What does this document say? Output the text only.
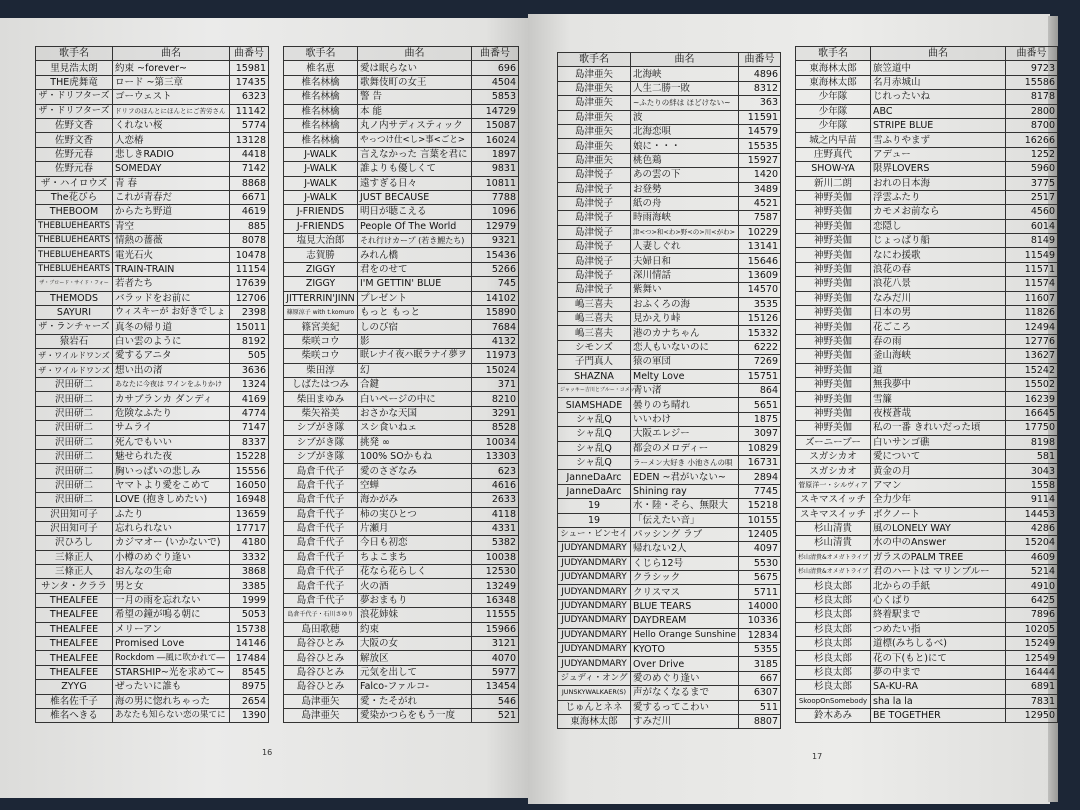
歌手名	曲名	曲番号
里見浩太朗	約束 ~forever~	15981
THE虎舞竜	ロード ~第三章	17435
ザ・ドリフターズ	ゴーウェスト	6323
ザ・ドリフターズ	ドリフのほんとにほんとにご苦労さん	11142
佐野文香	くれない桜	5774
佐野文香	人恋椿	13128
佐野元春	悲しきRADIO	4418
佐野元春	SOMEDAY	7142
ザ・ハイロウズ	青 春	8868
The花びら	これが青春だ	6671
THEBOOM	からたち野道	4619
THEBLUEHEARTS	青空	885
THEBLUEHEARTS	情熱の薔薇	8078
THEBLUEHEARTS	電光石火	10478
THEBLUEHEARTS	TRAIN-TRAIN	11154
ザ・ブロード・サイド・フォー	若者たち	17639
THEMODS	バラッドをお前に	12706
SAYURI	ウィスキーが お好きでしょ	2398
ザ・ランチャーズ	真冬の帰り道	15011
猿岩石	白い雲のように	8192
ザ・ワイルドワンズ	愛するアニタ	505
ザ・ワイルドワンズ	想い出の渚	3636
沢田研二	あなたに今夜は ワインをふりかけ	1324
沢田研二	カサブランカ ダンディ	4169
沢田研二	危険なふたり	4774
沢田研二	サムライ	7147
沢田研二	死んでもいい	8337
沢田研二	魅せられた夜	15228
沢田研二	胸いっぱいの悲しみ	15556
沢田研二	ヤマトより愛をこめて	16050
沢田研二	LOVE (抱きしめたい)	16948
沢田知可子	ふたり	13659
沢田知可子	忘れられない	17717
沢ひろし	カジマオー (いかないで)	4180
三條正人	小樽のめぐり逢い	3332
三條正人	おんなの生命	3868
サンタ・クララ	男と女	3385
THEALFEE	一月の雨を忘れない	1999
THEALFEE	希望の鐘が鳴る朝に	5053
THEALFEE	メリーアン	15738
THEALFEE	Promised Love	14146
THEALFEE	Rockdom ―風に吹かれて―	17484
THEALFEE	STARSHIP~光を求めて~	8545
ZYYG	ぜったいに誰も	8975
椎名佐千子	海の男に惚れちゃった	2654
椎名へきる	あなたも知らない恋の果てに	1390
歌手名	曲名	曲番号
椎名恵	愛は眠らない	696
椎名林檎	歌舞伎町の女王	4504
椎名林檎	警 告	5853
椎名林檎	本 能	14729
椎名林檎	丸ノ内サディスティック	15087
椎名林檎	やっつけ仕<し>事<ごと>	16024
J-WALK	言えなかった 言葉を君に	1897
J-WALK	誰よりも優しくて	9831
J-WALK	遠すぎる日々	10811
J-WALK	JUST BECAUSE	7788
J-FRIENDS	明日が聴こえる	1096
J-FRIENDS	People Of The World	12979
塩見大治郎	それ行けカープ (若き鯉たち)	9321
志賀勝	みれん橋	15436
ZIGGY	君をのせて	5266
ZIGGY	I'M GETTIN' BLUE	745
JITTERRIN'JINN	プレゼント	14102
篠原涼子 with t.komuro	もっと もっと	15890
篠宮美紀	しのび宿	7684
柴咲コウ	影	4132
柴咲コウ	眠レナイ夜ハ眠ラナイ夢ヲ	11973
柴田淳	幻	15024
しばたはつみ	合鍵	371
柴田まゆみ	白いページの中に	8210
柴矢裕美	おさかな天国	3291
シブがき隊	スシ食いねェ	8528
シブがき隊	挑発 ∞	10034
シブがき隊	100% SOかもね	13303
島倉千代子	愛のさざなみ	623
島倉千代子	空蝉	4616
島倉千代子	海かがみ	2633
島倉千代子	柿の実ひとつ	4118
島倉千代子	片瀬月	4331
島倉千代子	今日も初恋	5382
島倉千代子	ちよこまち	10038
島倉千代子	花なら花らしく	12530
島倉千代子	火の酒	13249
島倉千代子	夢おまもり	16348
島倉千代子・石川さゆり	浪花姉妹	11555
島田歌穂	約束	15966
島谷ひとみ	大阪の女	3121
島谷ひとみ	解放区	4070
島谷ひとみ	元気を出して	5977
島谷ひとみ	Falco-ファルコ-	13454
島津亜矢	愛・たそがれ	546
島津亜矢	愛染かつらをもう一度	521
歌手名	曲名	曲番号
島津亜矢	北海峡	4896
島津亜矢	人生二勝一敗	8312
島津亜矢	~ふたりの絆は ほどけない~	363
島津亜矢	波	11591
島津亜矢	北海恋唄	14579
島津亜矢	娘に・・・	15535
島津亜矢	桃色鶏	15927
島津悦子	あの雲の下	1420
島津悦子	お登勢	3489
島津悦子	紙の舟	4521
島津悦子	時雨海峡	7587
島津悦子	津<つ>和<わ>野<の>川<がわ>	10229
島津悦子	人妻しぐれ	13141
島津悦子	夫婦日和	15646
島津悦子	深川情話	13609
島津悦子	紫舞い	14570
嶋三喜夫	おふくろの海	3535
嶋三喜夫	見かえり峠	15126
嶋三喜夫	港のカナちゃん	15332
シモンズ	恋人もいないのに	6222
子門真人	猿の軍団	7269
SHAZNA	Melty Love	15751
ジャッキー吉川とブルー・コメッツ	青い渚	864
SIAMSHADE	曇りのち晴れ	5651
シャ乱Q	いいわけ	1875
シャ乱Q	大阪エレジー	3097
シャ乱Q	都会のメロディー	10829
シャ乱Q	ラーメン大好き 小池さんの唄	16731
JanneDaArc	EDEN ~君がいない~	2894
JanneDaArc	Shining ray	7745
19	水・陸・そら、無限大	15218
19	「伝えたい音」	10155
シュー・ビンセイ	パッシング ラブ	12405
JUDYANDMARY	帰れない2人	4097
JUDYANDMARY	くじら12号	5530
JUDYANDMARY	クラシック	5675
JUDYANDMARY	クリスマス	5711
JUDYANDMARY	BLUE TEARS	14000
JUDYANDMARY	DAYDREAM	10336
JUDYANDMARY	Hello Orange Sunshine	12834
JUDYANDMARY	KYOTO	5355
JUDYANDMARY	Over Drive	3185
ジュディ・オング	愛のめぐり逢い	667
JUNSKYWALKAER(S)	声がなくなるまで	6307
じゅんとネネ	愛するってこわい	511
東海林太郎	すみだ川	8807
歌手名	曲名	曲番号
東海林太郎	旅笠道中	9723
東海林太郎	名月赤城山	15586
少年隊	じれったいね	8178
少年隊	ABC	2800
少年隊	STRIPE BLUE	8700
城之内早苗	雪ふりやまず	16266
庄野真代	アデュー	1252
SHOW-YA	限界LOVERS	5960
新川二朗	おれの日本海	3775
神野美伽	浮雲ふたり	2517
神野美伽	カモメお前なら	4560
神野美伽	恋隠し	6014
神野美伽	じょっぱり船	8149
神野美伽	なにわ援歌	11549
神野美伽	浪花の春	11571
神野美伽	浪花八景	11574
神野美伽	なみだ川	11607
神野美伽	日本の男	11826
神野美伽	花ごころ	12494
神野美伽	春の雨	12776
神野美伽	釜山海峡	13627
神野美伽	道	15242
神野美伽	無我夢中	15502
神野美伽	雪簾	16239
神野美伽	夜桜蒼哉	16645
神野美伽	私の一番 きれいだった頃	17750
ズーニーブー	白いサンゴ礁	8198
スガシカオ	愛について	581
スガシカオ	黄金の月	3043
菅原洋一・シルヴィア	アマン	1558
スキマスイッチ	全力少年	9114
スキマスイッチ	ボクノート	14453
杉山清貴	風のLONELY WAY	4286
杉山清貴	水の中のAnswer	15204
杉山清貴&オメガトライブ	ガラスのPALM TREE	4609
杉山清貴&オメガトライブ	君のハートは マリンブルー	5214
杉良太郎	北からの手紙	4910
杉良太郎	心くばり	6425
杉良太郎	終着駅まで	7896
杉良太郎	つめたい指	10205
杉良太郎	道標(みちしるべ)	15249
杉良太郎	花の下(もと)にて	12549
杉良太郎	夢の中まで	16444
杉良太郎	SA-KU-RA	6891
SkoopOnSomebody	sha la la	7831
鈴木あみ	BE TOGETHER	12950
16	17
